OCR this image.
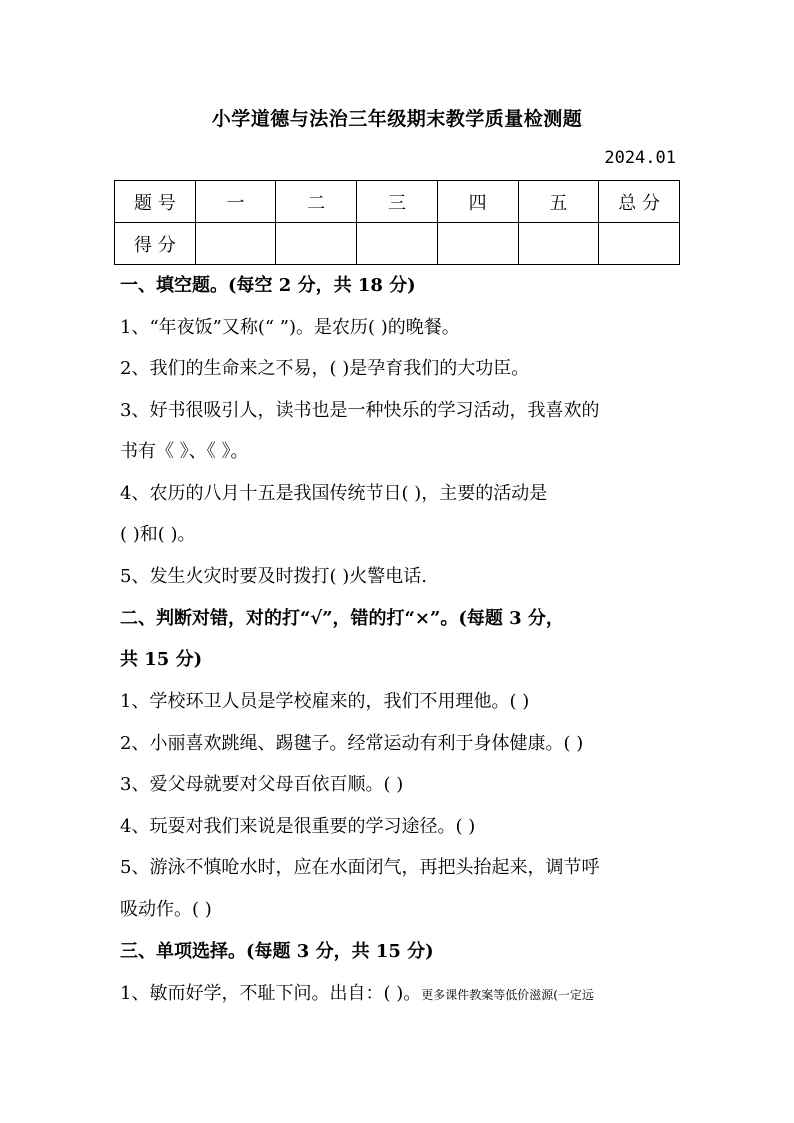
小学道德与法治三年级期末教学质量检测题
2024.01
题 号	一	二	三	四	五	总 分
得 分						
一、填空题。(每空 2 分，共 18 分)
1、“年夜饭”又称(“ ”)。是农历( )的晚餐。
2、我们的生命来之不易，( )是孕育我们的大功臣。
3、好书很吸引人，读书也是一种快乐的学习活动，我喜欢的
书有《 》、《 》。
4、农历的八月十五是我国传统节日( )，主要的活动是
( )和( )。
5、发生火灾时要及时拨打( )火警电话.
二、判断对错，对的打“√”，错的打“×”。(每题 3 分，
共 15 分)
1、学校环卫人员是学校雇来的，我们不用理他。( )
2、小丽喜欢跳绳、踢毽子。经常运动有利于身体健康。( )
3、爱父母就要对父母百依百顺。( )
4、玩耍对我们来说是很重要的学习途径。( )
5、游泳不慎呛水时，应在水面闭气，再把头抬起来，调节呼
吸动作。( )
三、单项选择。(每题 3 分，共 15 分)
1、敏而好学，不耻下问。出自：( )。更多课件教案等低价滋源(一定远
